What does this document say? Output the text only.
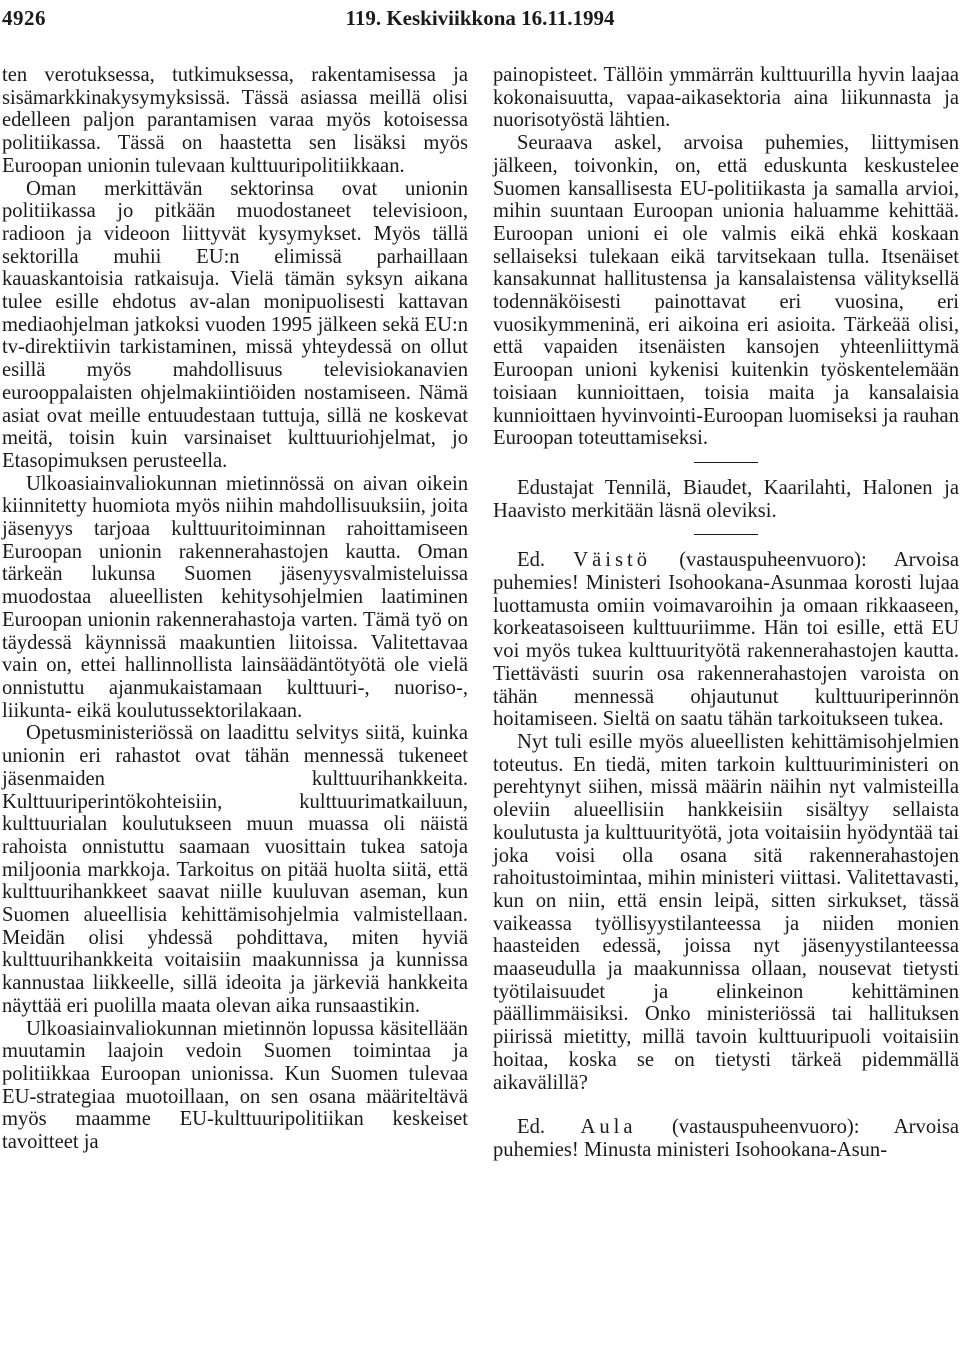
4926	119. Keskiviikkona 16.11.1994

ten verotuksessa, tutkimuksessa, rakentamisessa ja sisämarkkinakysymyksissä. Tässä asiassa meillä olisi edelleen paljon parantamisen varaa myös kotoisessa politiikassa. Tässä on haastetta sen lisäksi myös Euroopan unionin tulevaan kulttuuripolitiikkaan.

Oman merkittävän sektorinsa ovat unionin politiikassa jo pitkään muodostaneet televisioon, radioon ja videoon liittyvät kysymykset. Myös tällä sektorilla muhii EU:n elimissä parhaillaan kauaskantoisia ratkaisuja. Vielä tämän syksyn aikana tulee esille ehdotus av-alan monipuolisesti kattavan mediaohjelman jatkoksi vuoden 1995 jälkeen sekä EU:n tv-direktiivin tarkistaminen, missä yhteydessä on ollut esillä myös mahdollisuus televisiokanavien eurooppalaisten ohjelmakiintiöiden nostamiseen. Nämä asiat ovat meille entuudestaan tuttuja, sillä ne koskevat meitä, toisin kuin varsinaiset kulttuuriohjelmat, jo Etasopimuksen perusteella.

Ulkoasiainvaliokunnan mietinnössä on aivan oikein kiinnitetty huomiota myös niihin mahdollisuuksiin, joita jäsenyys tarjoaa kulttuuritoiminnan rahoittamiseen Euroopan unionin rakennerahastojen kautta. Oman tärkeän lukunsa Suomen jäsenyysvalmisteluissa muodostaa alueellisten kehitysohjelmien laatiminen Euroopan unionin rakennerahastoja varten. Tämä työ on täydessä käynnissä maakuntien liitoissa. Valitettavaa vain on, ettei hallinnollista lainsäädäntötyötä ole vielä onnistuttu ajanmukaistamaan kulttuuri-, nuoriso-, liikunta- eikä koulutussektorilakaan.

Opetusministeriössä on laadittu selvitys siitä, kuinka unionin eri rahastot ovat tähän mennessä tukeneet jäsenmaiden kulttuurihankkeita. Kulttuuriperintökohteisiin, kulttuurimatkailuun, kulttuurialan koulutukseen muun muassa oli näistä rahoista onnistuttu saamaan vuosittain tukea satoja miljoonia markkoja. Tarkoitus on pitää huolta siitä, että kulttuurihankkeet saavat niille kuuluvan aseman, kun Suomen alueellisia kehittämisohjelmia valmistellaan. Meidän olisi yhdessä pohdittava, miten hyviä kulttuurihankkeita voitaisiin maakunnissa ja kunnissa kannustaa liikkeelle, sillä ideoita ja järkeviä hankkeita näyttää eri puolilla maata olevan aika runsaastikin.

Ulkoasiainvaliokunnan mietinnön lopussa käsitellään muutamin laajoin vedoin Suomen toimintaa ja politiikkaa Euroopan unionissa. Kun Suomen tulevaa EU-strategiaa muotoillaan, on sen osana määriteltävä myös maamme EU-kulttuuripolitiikan keskeiset tavoitteet ja

painopisteet. Tällöin ymmärrän kulttuurilla hyvin laajaa kokonaisuutta, vapaa-aikasektoria aina liikunnasta ja nuorisotyöstä lähtien.

Seuraava askel, arvoisa puhemies, liittymisen jälkeen, toivonkin, on, että eduskunta keskustelee Suomen kansallisesta EU-politiikasta ja samalla arvioi, mihin suuntaan Euroopan unionia haluamme kehittää. Euroopan unioni ei ole valmis eikä ehkä koskaan sellaiseksi tulekaan eikä tarvitsekaan tulla. Itsenäiset kansakunnat hallitustensa ja kansalaistensa välityksellä todennäköisesti painottavat eri vuosina, eri vuosikymmeninä, eri aikoina eri asioita. Tärkeää olisi, että vapaiden itsenäisten kansojen yhteenliittymä Euroopan unioni kykenisi kuitenkin työskentelemään toisiaan kunnioittaen, toisia maita ja kansalaisia kunnioittaen hyvinvointi-Euroopan luomiseksi ja rauhan Euroopan toteuttamiseksi.

Edustajat Tennilä, Biaudet, Kaarilahti, Halonen ja Haavisto merkitään läsnä oleviksi.

Ed. Väistö (vastauspuheenvuoro): Arvoisa puhemies! Ministeri Isohookana-Asunmaa korosti lujaa luottamusta omiin voimavaroihin ja omaan rikkaaseen, korkeatasoiseen kulttuuriimme. Hän toi esille, että EU voi myös tukea kulttuurityötä rakennerahastojen kautta. Tiettävästi suurin osa rakennerahastojen varoista on tähän mennessä ohjautunut kulttuuriperinnön hoitamiseen. Sieltä on saatu tähän tarkoitukseen tukea.

Nyt tuli esille myös alueellisten kehittämisohjelmien toteutus. En tiedä, miten tarkoin kulttuuriministeri on perehtynyt siihen, missä määrin näihin nyt valmisteilla oleviin alueellisiin hankkeisiin sisältyy sellaista koulutusta ja kulttuurityötä, jota voitaisiin hyödyntää tai joka voisi olla osana sitä rakennerahastojen rahoitustoimintaa, mihin ministeri viittasi. Valitettavasti, kun on niin, että ensin leipä, sitten sirkukset, tässä vaikeassa työllisyystilanteessa ja niiden monien haasteiden edessä, joissa nyt jäsenyystilanteessa maaseudulla ja maakunnissa ollaan, nousevat tietysti työtilaisuudet ja elinkeinon kehittäminen päällimmäisiksi. Onko ministeriössä tai hallituksen piirissä mietitty, millä tavoin kulttuuripuoli voitaisiin hoitaa, koska se on tietysti tärkeä pidemmällä aikavälillä?

Ed. Aula (vastauspuheenvuoro): Arvoisa puhemies! Minusta ministeri Isohookana-Asun-
